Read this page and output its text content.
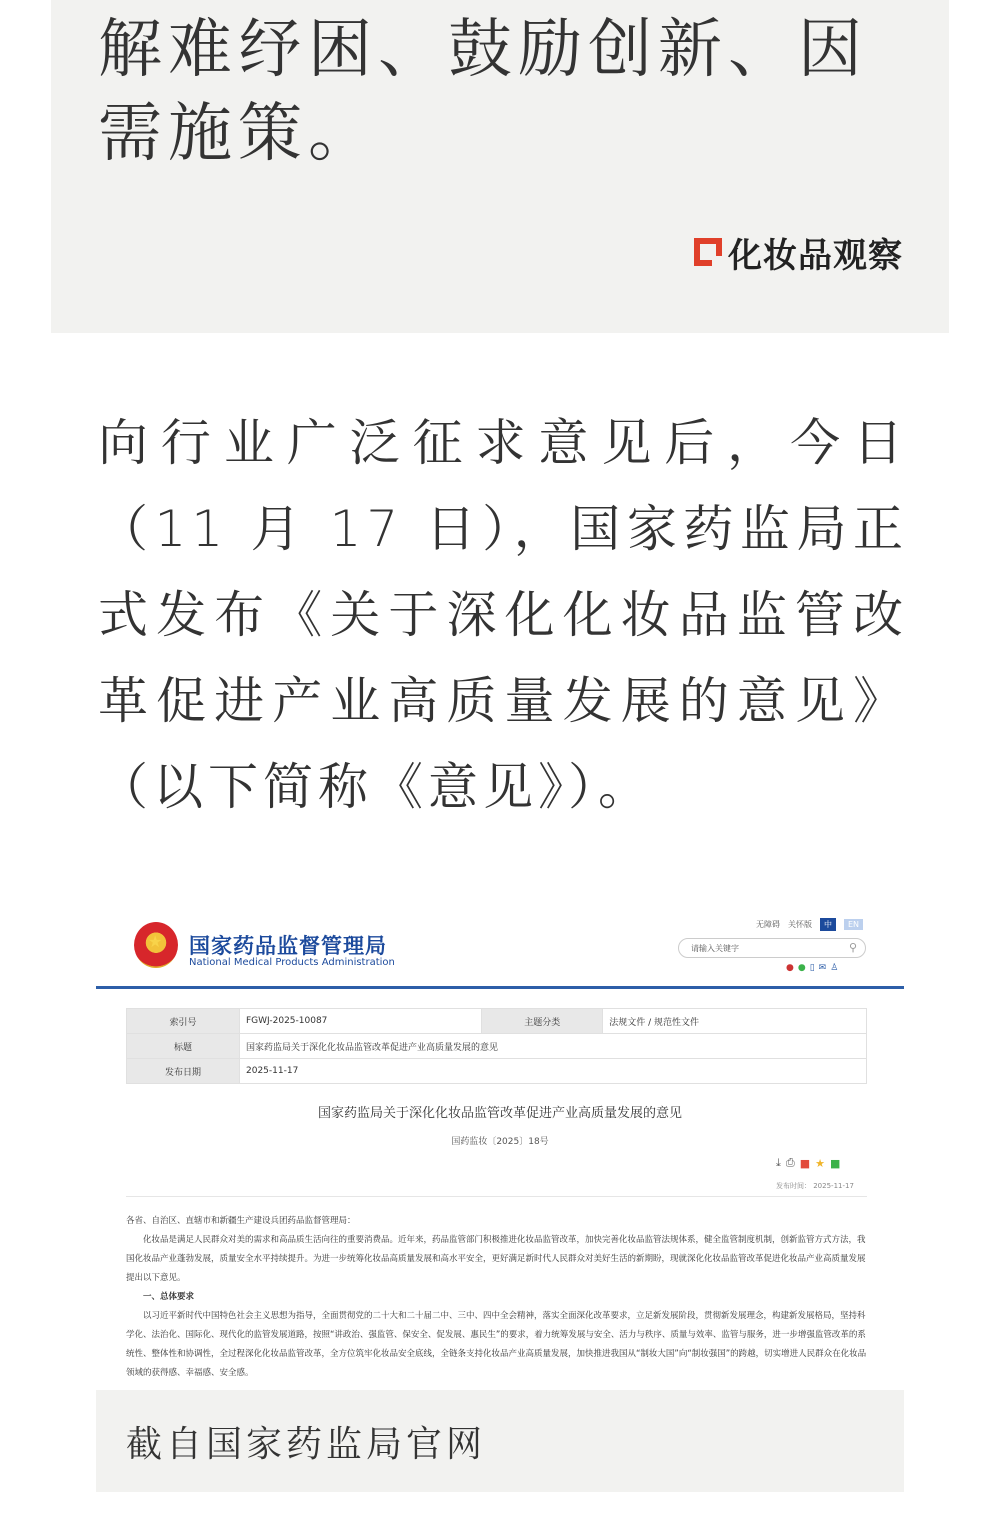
解难纾困、鼓励创新、因需施策。
化妆品观察
向行业广泛征求意见后，今日（11 月 17 日），国家药监局正式发布《关于深化化妆品监管改革促进产业高质量发展的意见》（以下简称《意见》）。
★ 国家药品监督管理局
National Medical Products Administration
无障碍 关怀版	中	EN
请输入关键字	⚲
● ● ▯ ✉ ♙
索引号	FGWJ-2025-10087	主题分类	法规文件 / 规范性文件
标题	国家药监局关于深化化妆品监管改革促进产业高质量发展的意见		
发布日期	2025-11-17		
国家药监局关于深化化妆品监管改革促进产业高质量发展的意见
国药监妆〔2025〕18号
⤓ ⎙ ■ ★ ■
发布时间： 2025-11-17

各省、自治区、直辖市和新疆生产建设兵团药品监督管理局：

化妆品是满足人民群众对美的需求和高品质生活向往的重要消费品。近年来，药品监管部门积极推进化妆品监管改革，加快完善化妆品监管法规体系，健全监管制度机制，创新监管方式方法，我国化妆品产业蓬勃发展，质量安全水平持续提升。为进一步统筹化妆品高质量发展和高水平安全，更好满足新时代人民群众对美好生活的新期盼，现就深化化妆品监管改革促进化妆品产业高质量发展提出以下意见。

一、总体要求

以习近平新时代中国特色社会主义思想为指导，全面贯彻党的二十大和二十届二中、三中、四中全会精神，落实全面深化改革要求，立足新发展阶段，贯彻新发展理念，构建新发展格局，坚持科学化、法治化、国际化、现代化的监管发展道路，按照“讲政治、强监管、保安全、促发展、惠民生”的要求，着力统筹发展与安全、活力与秩序、质量与效率、监管与服务，进一步增强监管改革的系统性、整体性和协调性，全过程深化化妆品监管改革，全方位筑牢化妆品安全底线，全链条支持化妆品产业高质量发展，加快推进我国从“制妆大国”向“制妆强国”的跨越，切实增进人民群众在化妆品领域的获得感、幸福感、安全感。

截自国家药监局官网
